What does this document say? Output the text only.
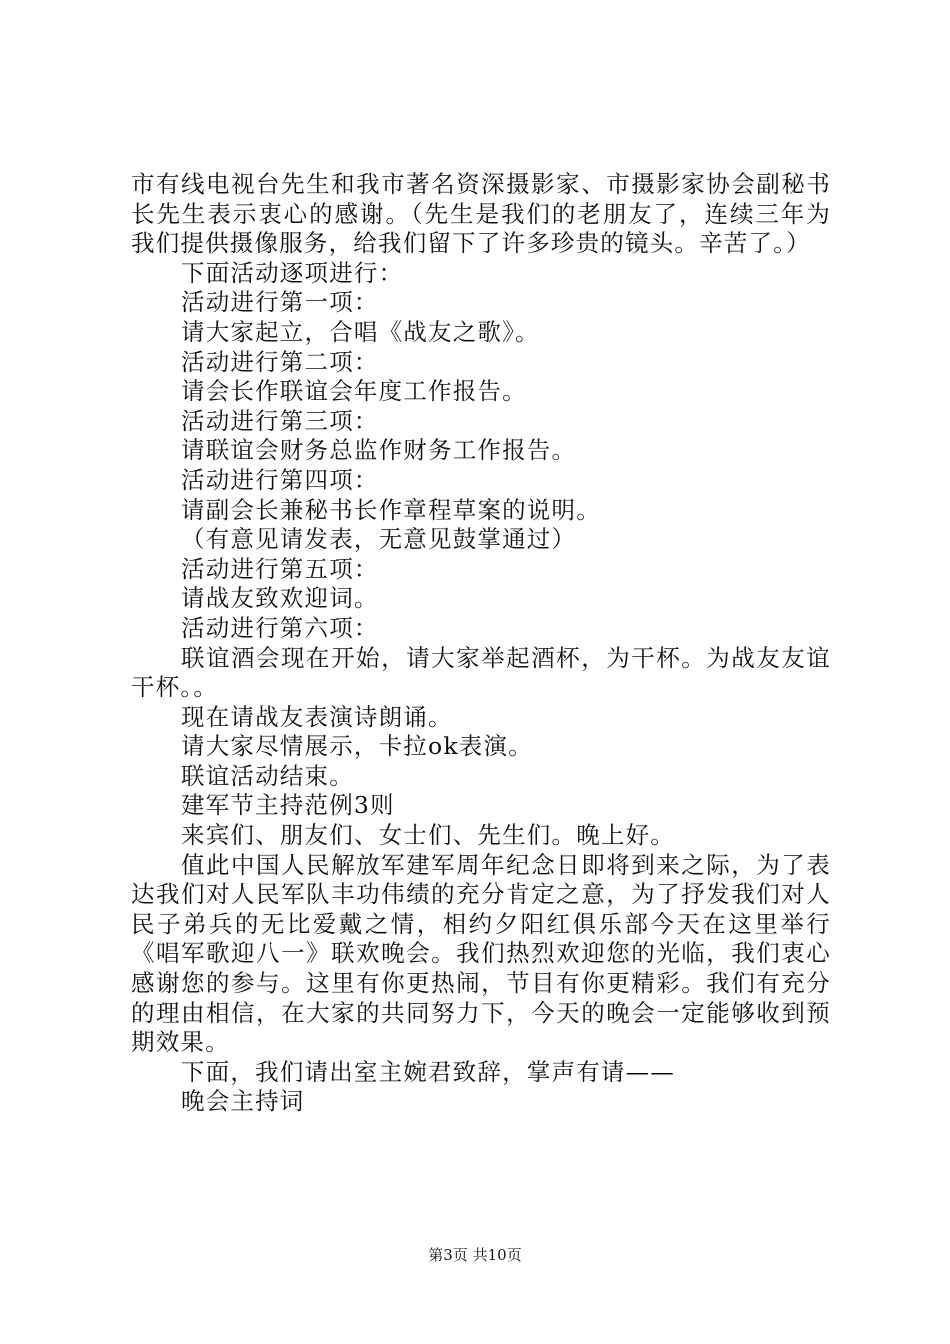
市有线电视台先生和我市著名资深摄影家、市摄影家协会副秘书长先生表示衷心的感谢。（先生是我们的老朋友了，连续三年为我们提供摄像服务，给我们留下了许多珍贵的镜头。辛苦了。）

下面活动逐项进行：

活动进行第一项：

请大家起立，合唱《战友之歌》。

活动进行第二项：

请会长作联谊会年度工作报告。

活动进行第三项：

请联谊会财务总监作财务工作报告。

活动进行第四项：

请副会长兼秘书长作章程草案的说明。

（有意见请发表，无意见鼓掌通过）

活动进行第五项：

请战友致欢迎词。

活动进行第六项：

联谊酒会现在开始，请大家举起酒杯，为干杯。为战友友谊干杯。。

现在请战友表演诗朗诵。

请大家尽情展示，卡拉ok表演。

联谊活动结束。

建军节主持范例3则

来宾们、朋友们、女士们、先生们。晚上好。

值此中国人民解放军建军周年纪念日即将到来之际，为了表达我们对人民军队丰功伟绩的充分肯定之意，为了抒发我们对人民子弟兵的无比爱戴之情，相约夕阳红俱乐部今天在这里举行《唱军歌迎八一》联欢晚会。我们热烈欢迎您的光临，我们衷心感谢您的参与。这里有你更热闹，节目有你更精彩。我们有充分的理由相信，在大家的共同努力下，今天的晚会一定能够收到预期效果。

下面，我们请出室主婉君致辞，掌声有请——

晚会主持词

第3页 共10页
